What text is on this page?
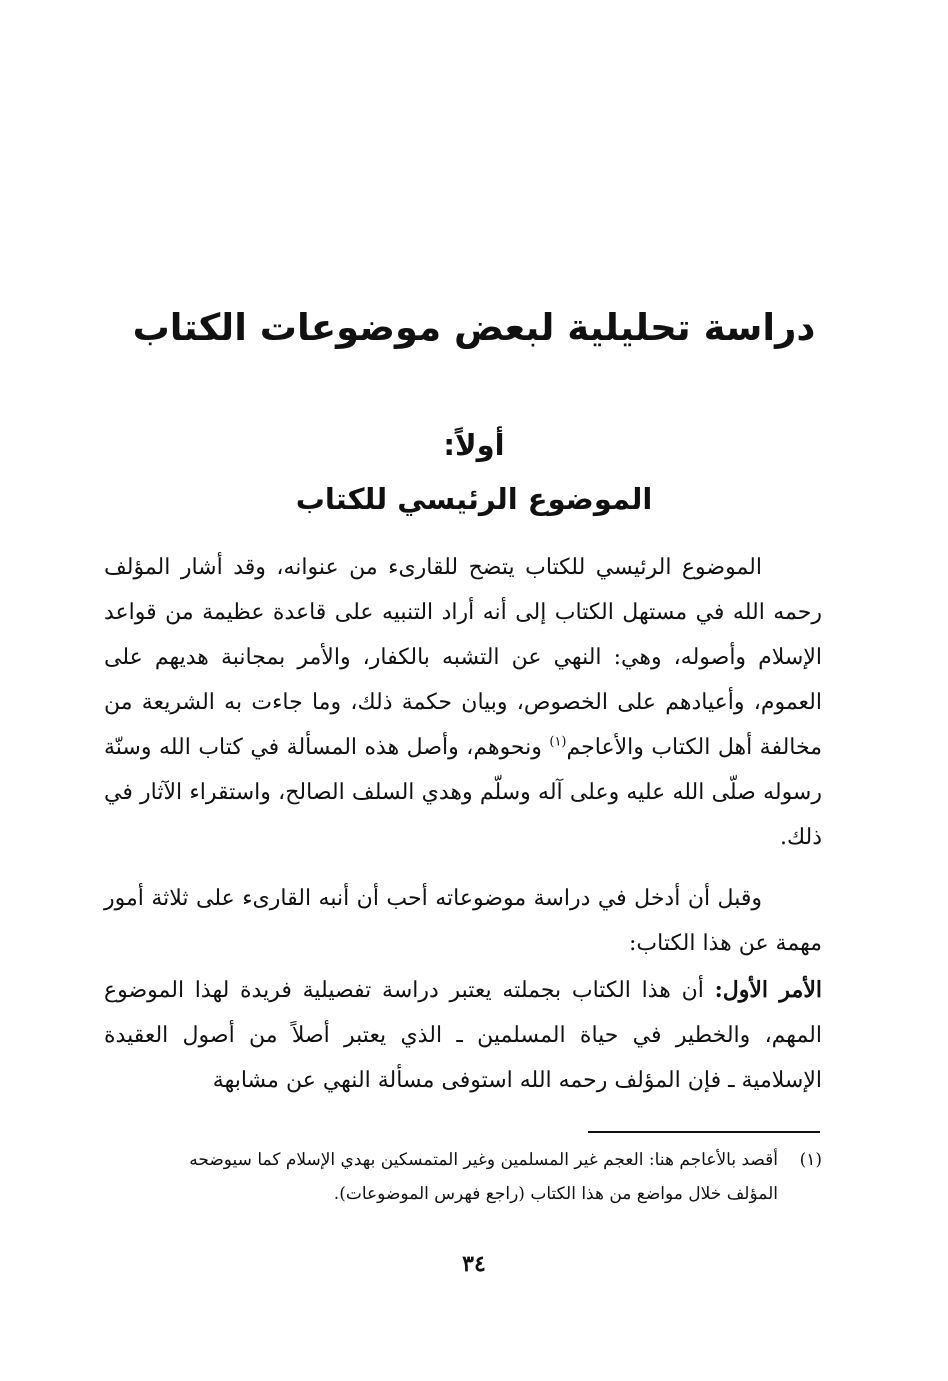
دراسة تحليلية لبعض موضوعات الكتاب
أولاً:
الموضوع الرئيسي للكتاب

الموضوع الرئيسي للكتاب يتضح للقارىء من عنوانه، وقد أشار المؤلف رحمه الله في مستهل الكتاب إلى أنه أراد التنبيه على قاعدة عظيمة من قواعد الإسلام وأصوله، وهي: النهي عن التشبه بالكفار، والأمر بمجانبة هديهم على العموم، وأعيادهم على الخصوص، وبيان حكمة ذلك، وما جاءت به الشريعة من مخالفة أهل الكتاب والأعاجم$^{(١)}$ ونحوهم، وأصل هذه المسألة في كتاب الله وسنّة رسوله صلّى الله عليه وعلى آله وسلّم وهدي السلف الصالح، واستقراء الآثار في ذلك.

وقبل أن أدخل في دراسة موضوعاته أحب أن أنبه القارىء على ثلاثة أمور مهمة عن هذا الكتاب:

الأمر الأول: أن هذا الكتاب بجملته يعتبر دراسة تفصيلية فريدة لهذا الموضوع المهم، والخطير في حياة المسلمين ـ الذي يعتبر أصلاً من أصول العقيدة الإسلامية ـ فإن المؤلف رحمه الله استوفى مسألة النهي عن مشابهة

(١)أقصد بالأعاجم هنا: العجم غير المسلمين وغير المتمسكين بهدي الإسلام كما سيوضحه
المؤلف خلال مواضع من هذا الكتاب (راجع فهرس الموضوعات).

٣٤
